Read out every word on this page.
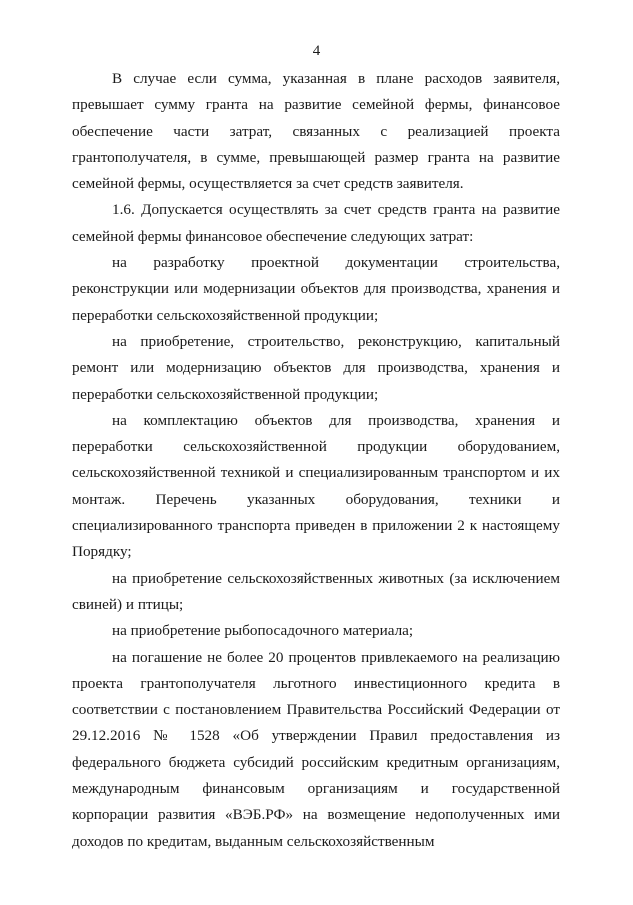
4

В случае если сумма, указанная в плане расходов заявителя, превышает сумму гранта на развитие семейной фермы, финансовое обеспечение части затрат, связанных с реализацией проекта грантополучателя, в сумме, превышающей размер гранта на развитие семейной фермы, осуществляется за счет средств заявителя.

1.6. Допускается осуществлять за счет средств гранта на развитие семейной фермы финансовое обеспечение следующих затрат:

на разработку проектной документации строительства, реконструкции или модернизации объектов для производства, хранения и переработки сельскохозяйственной продукции;

на приобретение, строительство, реконструкцию, капитальный ремонт или модернизацию объектов для производства, хранения и переработки сельскохозяйственной продукции;

на комплектацию объектов для производства, хранения и переработки сельскохозяйственной продукции оборудованием, сельскохозяйственной техникой и специализированным транспортом и их монтаж. Перечень указанных оборудования, техники и специализированного транспорта приведен в приложении 2 к настоящему Порядку;

на приобретение сельскохозяйственных животных (за исключением свиней) и птицы;

на приобретение рыбопосадочного материала;

на погашение не более 20 процентов привлекаемого на реализацию проекта грантополучателя льготного инвестиционного кредита в соответствии с постановлением Правительства Российский Федерации от 29.12.2016 № 1528 «Об утверждении Правил предоставления из федерального бюджета субсидий российским кредитным организациям, международным финансовым организациям и государственной корпорации развития «ВЭБ.РФ» на возмещение недополученных ими доходов по кредитам, выданным сельскохозяйственным
